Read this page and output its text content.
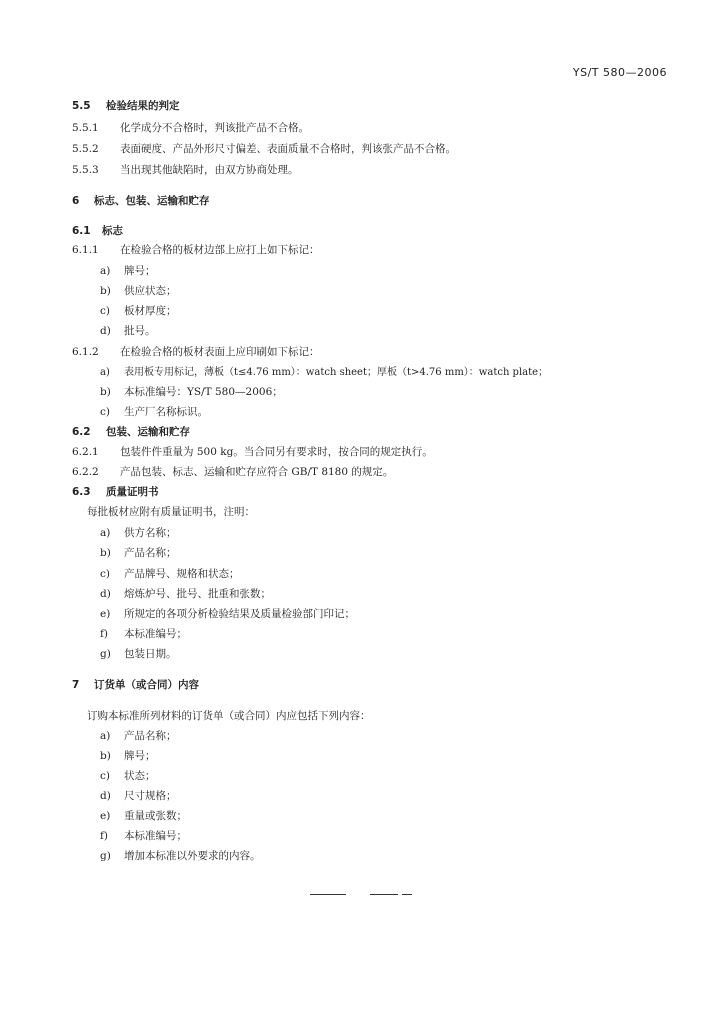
YS/T 580—2006
5.5 检验结果的判定
5.5.1 化学成分不合格时，判该批产品不合格。
5.5.2 表面硬度、产品外形尺寸偏差、表面质量不合格时，判该张产品不合格。
5.5.3 当出现其他缺陷时，由双方协商处理。
6 标志、包装、运输和贮存
6.1 标志
6.1.1 在检验合格的板材边部上应打上如下标记：
a) 牌号；
b) 供应状态；
c) 板材厚度；
d) 批号。
6.1.2 在检验合格的板材表面上应印刷如下标记：
a) 表用板专用标记，薄板（t≤4.76 mm）：watch sheet；厚板（t>4.76 mm）：watch plate；
b) 本标准编号：YS/T 580—2006；
c) 生产厂名称标识。
6.2 包装、运输和贮存
6.2.1 包装件件重量为 500 kg。当合同另有要求时，按合同的规定执行。
6.2.2 产品包装、标志、运输和贮存应符合 GB/T 8180 的规定。
6.3 质量证明书
每批板材应附有质量证明书，注明：
a) 供方名称；
b) 产品名称；
c) 产品牌号、规格和状态；
d) 熔炼炉号、批号、批重和张数；
e) 所规定的各项分析检验结果及质量检验部门印记；
f) 本标准编号；
g) 包装日期。
7 订货单（或合同）内容
订购本标准所列材料的订货单（或合同）内应包括下列内容：
a) 产品名称；
b) 牌号；
c) 状态；
d) 尺寸规格；
e) 重量或张数；
f) 本标准编号；
g) 增加本标准以外要求的内容。
